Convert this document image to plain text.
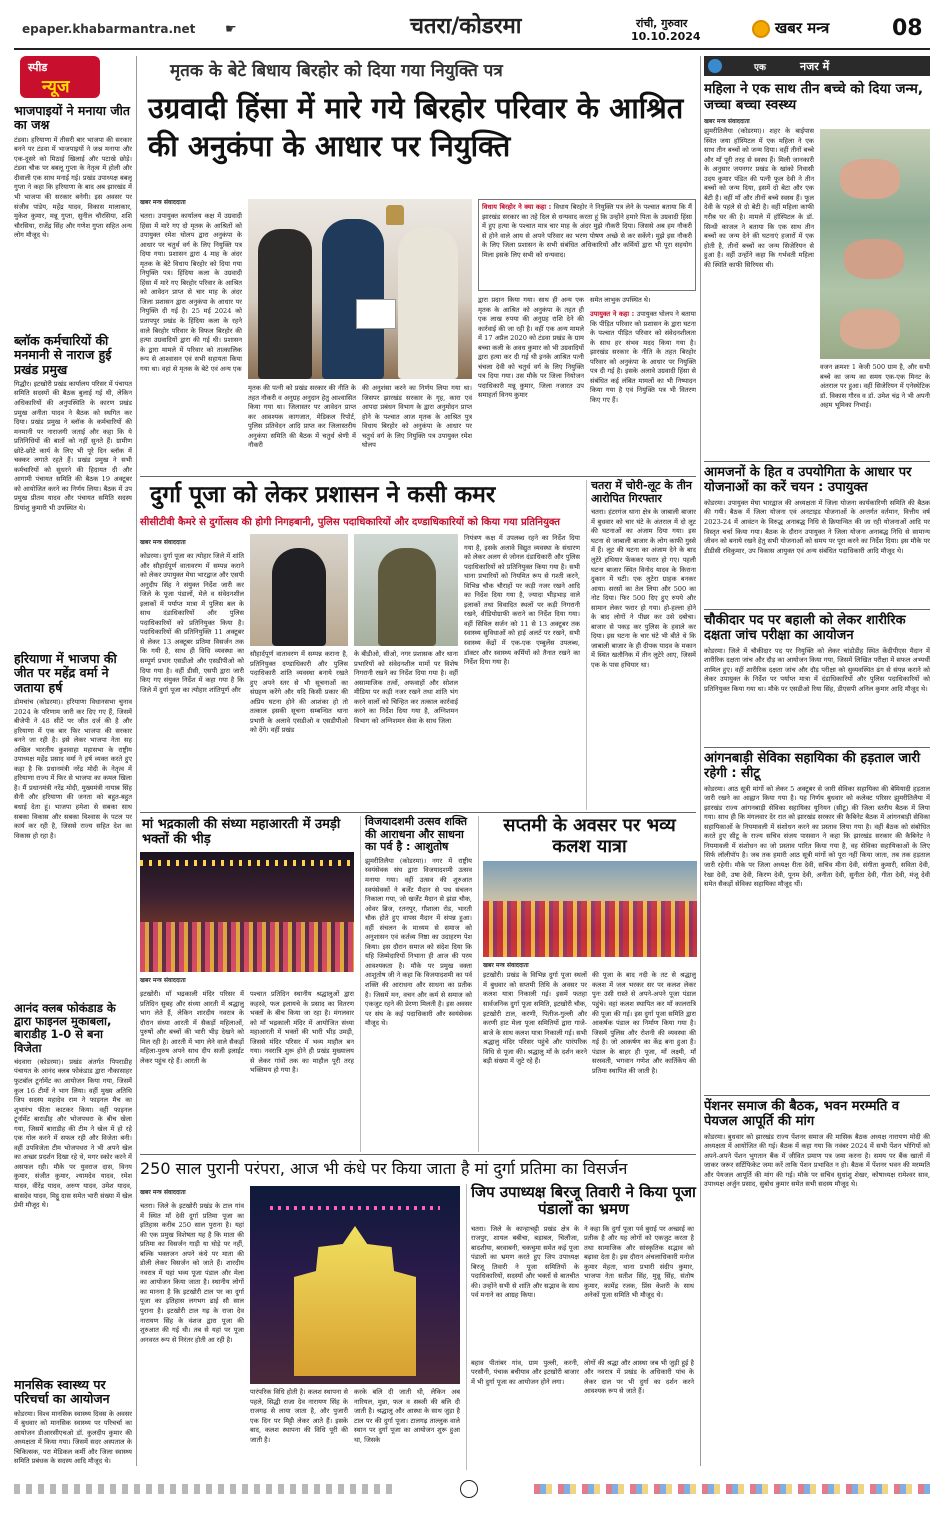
epaper.khabarmantra.net ☛	चतरा/कोडरमा	रांची, गुरुवार
10.10.2024	खबर मन्त्र	08
स्पीड
न्यूज
भाजपाइयों ने मनाया जीत का जश्न
टंडवा। हरियाणा में तीसरी बार भाजपा की सरकार बनने पर टंडवा में भाजपाइयों ने जश्न मनाया और एक-दूसरे को मिठाई खिलाई और पटाखे छोड़े। टंडवा चौक पर बबलू गुप्ता के नेतृत्व में होली और दीवाली एक साथ मनाई गई। प्रखंड उपाध्यक्ष बबलू गुप्ता ने कहा कि हरियाणा के बाद अब झारखंड में भी भाजपा की सरकार बनेगी। इस अवसर पर संजीव पांडेय, महेंद्र यादव, विकास मालाकार, मुकेश कुमार, मन्नू गुप्ता, सुनील चौरसिया, शशि चौरसिया, राजेंद्र सिंह और गणेश गुप्ता सहित अन्य लोग मौजूद थे।
ब्लॉक कर्मचारियों की मनमानी से नाराज हुई प्रखंड प्रमुख
गिद्धौर। इटखोरी प्रखंड कार्यालय परिसर में पंचायत समिति सदस्यों की बैठक बुलाई गई थी, लेकिन अधिकारियों की अनुपस्थिति के कारण प्रखंड प्रमुख अनीता यादव ने बैठक को स्थगित कर दिया। प्रखंड प्रमुख ने ब्लॉक के कर्मचारियों की मनमानी पर नाराजगी जताई और कहा कि ये प्रतिनिधियों की बातों को नहीं सुनते हैं। ग्रामीण छोटे-छोटे कार्य के लिए भी पूरे दिन ब्लॉक में चक्कर लगाते रहते हैं। प्रखंड प्रमुख ने सभी कर्मचारियों को सुधरने की हिदायत दी और आगामी पंचायत समिति की बैठक 19 अक्टूबर को आयोजित करने का निर्णय लिया। बैठक में उप प्रमुख प्रीतम यादव और पंचायत समिति सदस्य प्रियांशु कुमारी भी उपस्थित थे।
हरियाणा में भाजपा की जीत पर महेंद्र वर्मा ने जताया हर्ष
डोमचांच (कोडरमा)। हरियाणा विधानसभा चुनाव 2024 के परिणाम जारी कर दिए गए हैं, जिसमें बीजेपी ने 48 सीटें पर जीत दर्ज की है और हरियाणा में एक बार फिर भाजपा की सरकार बनने जा रही है। इसे लेकर भाजपा नेता सह अखिल भारतीय कुशवाहा महासभा के राष्ट्रीय उपाध्यक्ष महेंद्र प्रसाद वर्मा ने हर्ष व्यक्त करते हुए कहा है कि प्रधानमंत्री नरेंद्र मोदी के नेतृत्व में हरियाणा राज्य में फिर से भाजपा का कमल खिला है। मैं प्रधानमंत्री नरेंद्र मोदी, मुख्यमंत्री नायाब सिंह सैनी और हरियाणा की जनता को बहुत-बहुत बधाई देता हूं। भाजपा हमेशा से सबका साथ सबका विकास और सबका विश्वास के पटल पर कार्य कर रही है, जिससे राज्य सहित देश का विकास हो रहा है।
आनंद क्लब फोकंडाड के द्वारा फाइनल मुकाबला, बाराडीह 1-0 से बना विजेता
चंदवारा (कोडरमा)। प्रखंड अंतर्गत पिपराडीह पंचायत के आनंद क्लब फोकंडाड द्वारा नौकासाहर फुटबॉल टूर्नामेंट का आयोजन किया गया, जिसमें कुल 16 टीमों ने भाग लिया। वहीं मुख्य अतिथि जिप सदस्य महादेव राम ने फाइनल मैच का शुभारंभ फीता काटकर किया। वहीं फाइनल टूर्नामेंट बाराडीह और भोजपथरा के बीच खेला गया, जिसमें बाराडीह की टीम ने खेल में हो रहे एक गोल करने में सफल रही और विजेता बनी। वहीं उपविजेता टीम भोजपथरा ने भी अपने खेल का अच्छा प्रदर्शन दिखा रहे थे, मगर स्कोर करने में असफल रही। मौके पर युवराज दास, विनय कुमार, संजीत कुमार, श्यामदेव यादव, रमेश यादव, वीरेंद्र यादव, अरुण यादव, उमेश यादव, बासदेव यादव, मिट्ठू दास समेत भारी संख्या में खेल प्रेमी मौजूद थे।
मानसिक स्वास्थ्य पर परिचर्चा का आयोजन
कोडरमा। विश्व मानसिक स्वास्थ्य दिवस के अवसर में बुधवार को मानसिक स्वास्थ्य पर परिचर्चा का आयोजन डीआरसीएचओ डॉ. कुलदीप कुमार की अध्यक्षता में किया गया। जिसमें सदर अस्पताल के चिकित्सक, परा मेडिकल कर्मी और जिला स्वास्थ्य समिति प्रबंधक के सदस्य आदि मौजूद थे।
मृतक के बेटे बिधाय बिरहोर को दिया गया नियुक्ति पत्र
उग्रवादी हिंसा में मारे गये बिरहोर परिवार के आश्रित की अनुकंपा के आधार पर नियुक्ति
खबर मन्त्र संवाददाता
चतरा। उपायुक्त कार्यालय कक्ष में उग्रवादी हिंसा में मारे गए दो मृतक के आश्रितों को उपायुक्त रमेश घोलप द्वारा अनुकंपा के आधार पर चतुर्थ वर्ग के लिए नियुक्ति पत्र दिया गया। प्रशासन द्वारा 4 माह के अंदर मृतक के बेटे विधाय बिरहोर को दिया गया नियुक्ति पत्र। हिंदिया कला के उग्रवादी हिंसा में मारे गए बिरहोर परिवार के आश्रित को आवेदन प्राप्त से चार माह के अंदर जिला प्रशासन द्वारा अनुकंपा के आधार पर नियुक्ति दी गई है। 25 मई 2024 को प्रतापपुर प्रखंड के हिंदिया कला के रहने वाले बिरहोर परिवार के विफल बिरहोर की हत्या उग्रवादियों द्वारा की गई थी। प्रशासन के द्वारा मामले में परिवार को तात्कालिक रूप से आश्वासन एवं सभी सहायता किया गया था। वहां से मृतक के बेटे एवं अन्य एक
मृतक की पत्नी को प्रखंड सरकार की नीति के तहत नौकरी व अनुग्रह अनुदान हेतु आश्वासित किया गया था। जिलास्तर पर आवेदन प्राप्त कर आवश्यक कागजात, मेडिकल रिपोर्ट, पुलिस प्रतिवेदन आदि प्राप्त कर जिलास्तरीय अनुकंपा समिति की बैठक में चतुर्थ श्रेणी में नौकरी
की अनुशंसा करने का निर्णय लिया गया था। जिसपर झारखंड सरकार के गृह, कारा एवं आपदा प्रबंधन विभाग के द्वारा अनुमोदन प्राप्त होने के पश्चात आज मृतक के आश्रित पुत्र विधाय बिरहोर को अनुकंपा के आधार पर चतुर्थ वर्ग के लिए नियुक्ति पत्र उपायुक्त रमेश घोलप
विधाय बिरहोर ने क्या कहा : विधाय बिरहोर ने नियुक्ति पत्र लेने के पश्चात बताया कि मैं झारखंड सरकार का तहे दिल से धन्यवाद करता हूं कि उन्होंने हमारे पिता के उग्रवादी हिंसा में हुए हत्या के पश्चात मात्र चार माह के अंदर मुझे नौकरी दिया। जिससे अब हम नौकरी से होने वाले आय से अपने परिवार का भरण पोषण अच्छे से कर सकेंगे। मुझे इस नौकरी के लिए जिला प्रशासन के सभी संबंधित अधिकारियों और कर्मियों द्वारा भी पूरा सहयोग मिला इसके लिए सभी को धन्यवाद।
द्वारा प्रदान किया गया। साथ ही अन्य एक मृतक के आश्रित को अनुकंपा के तहत ही एक लाख रुपया की अनुग्रह राशि देने की कार्रवाई की जा रही है। वहीं एक अन्य मामले में 17 अप्रैल 2020 को टंडवा प्रखंड के ग्राम बच्चा कली के अवध कुमार को भी उग्रवादियों द्वारा हत्या कर दी गई थी इनके आश्रित पत्नी चंचला देवी को चतुर्थ वर्ग के लिए नियुक्ति पत्र दिया गया। उस मौके पर जिला नियोजन पदाधिकारी मन्नू कुमार, जिला नजारत उप समाहर्ता विनय कुमार
समेत लाभुक उपस्थित थे।
उपायुक्त ने कहा : उपायुक्त घोलप ने बताया कि पीड़ित परिवार को प्रशासन के द्वारा घटना के पश्चात पीड़ित परिवार को संवेदनशीलता के साथ हर संभव मदद किया गया है। झारखंड सरकार के नीति के तहत बिरहोर परिवार को अनुकंपा के आधार पर नियुक्ति पत्र दी गई है। इसके अलावे उग्रवादी हिंसा से संबंधित कई लंबित मामलों का भी निष्पादन किया गया है एवं नियुक्ति पत्र भी वितरण किए गए हैं।
दुर्गा पूजा को लेकर प्रशासन ने कसी कमर
सीसीटीवी कैमरे से दुर्गोत्सव की होगी निगहबानी, पुलिस पदाधिकारियों और दण्डाधिकारियों को किया गया प्रतिनियुक्त
खबर मन्त्र संवाददाता
कोडरमा। दुर्गा पूजा का त्योहार जिले में शांति और सौहार्दपूर्ण वातावरण में सम्पन्न कराने को लेकर उपायुक्त मेघा भारद्वाज और एसपी अनुदीप सिंह ने संयुक्त निर्देश जारी कर जिले के पूजा पंडालों, मेले व संवेदनशील इलाकों में पर्याप्त मात्रा में पुलिस बल के साथ दंडाधिकारियों और पुलिस पदाधिकारियों को प्रतिनियुक्त किया है। पदाधिकारियों की प्रतिनियुक्ति 11 अक्टूबर से लेकर 13 अक्टूबर प्रतिमा विसर्जन तक कि गयी है, साथ ही विधि व्यवस्था का सम्पूर्ण प्रभार एसडीओ और एसडीपीओ को दिया गया है। वहीं डीसी, एसपी द्वारा जारी किए गए संयुक्त निर्देश में कहा गया है कि जिले में दुर्गा पूजा का त्योहार शांतिपूर्ण और
सौहार्दपूर्ण वातावरण में सम्पन्न कराना है, प्रतिनियुक्त दण्डाधिकारी और पुलिस पदाधिकारी शांति व्यवस्था बनाये रखते हुए अपने स्तर से भी सूचनाओं का संग्रहण करेंगे और यदि किसी प्रकार की अप्रिय घटना होने की आशंका हो तो तत्काल इसकी सूचना सम्बन्धित थाना प्रभारी के अलावे एसडीओ व एसडीपीओ को देंगे। वहीं प्रखंड
के बीडीओ, सीओ, नगर प्रशासक और थाना प्रभारियों को संवेदनशील मामों पर विशेष निगरानी रखने का निर्देश दिया गया है। वहीं असामाजिक तत्वों, अफवाहों और सोशल मीडिया पर कड़ी नजर रखने तथा शांति भंग करने वालों को चिन्हित कर तत्काल कार्रवाई करने का निर्देश दिया गया है, अग्निशमन विभाग को अग्निशमन सेवा के साथ जिला
नियंत्रण कक्ष में उपलब्ध रहने का निर्देश दिया गया है, इसके अलावे विद्युत व्यवस्था के संधारण को लेकर अलग से जोनल दंडाधिकारी और पुलिस पदाधिकारियों को प्रतिनियुक्त किया गया है। सभी थाना प्रभारियों को नियमित रूप से गश्ती करने, विभिन्न चौक चौराहों पर कड़ी नजर रखने आदि का निर्देश दिया गया है, ज्यादा भीड़भाड़ वाले इलाकों तथा विवादित स्थलों पर कड़ी निगरानी रखने, वीडियोग्राफी कराने का निर्देश दिया गया। वहीं सिविल सर्जन को 11 से 13 अक्टूबर तक स्वास्थ्य सुविधाओं को हाई अलर्ट पर रखने, सभी स्वास्थ्य केंद्रों में एक-एक एम्बुलेंस उपलब्ध, डॉक्टर और स्वास्थ्य कर्मियों को तैनात रखने का निर्देश दिया गया है।
चतरा में चोरी-लूट के तीन आरोपित गिरफ्तार
चतरा। हंटरगंज थाना क्षेत्र के जाबाली बाजार में बुधवार को चार घंटे के अंतराल में दो लूट की घटनाओं का अंजाम दिया गया। इस घटना से जाबाली बाजार के लोग काफी गुस्से में हैं। लूट की घटना का अंजाम देने के बाद लुटेरे हथियार फेंककर फरार हो गए। पहली घटना बाजार स्थित विनोद यादव के किराना दुकान में घटी। एक लुटेरा ग्राहक बनकर आया। सरसों का तेल लिया और 500 का नोट दिया। फिर 500 दिए हुए रुपये और सामान लेकर फरार हो गया। हो-हल्ला होने के बाद लोगों ने पीछा कर उसे दबोचा। बाजार से पकड़ कर पुलिस के हवाले कर दिया। इस घटना के चार घंटे भी बीते थे कि जाबाली बाजार के ही दीपक यादव के मकान में स्थित खतौनिक में तीन लुटेरे आए, जिसमें एक के पास हथियार था।
मां भद्रकाली की संध्या महाआरती में उमड़ी भक्तों की भीड़
खबर मन्त्र संवाददाता
इटखोरी। माँ भद्रकाली मंदिर परिसर में प्रतिदिन सुबह और संध्या आरती में श्रद्धालु भाग लेते हैं, लेकिन शारदीय नवरात्र के दौरान संध्या आरती में सैकड़ों महिलाओं, पुरुषों और बच्चों की भारी भीड़ देखने को मिल रही है। आरती में भाग लेने वाले सैकड़ों महिला-पुरुष अपने साथ दीप सजी इलाईट लेकर पहुंच रहे हैं। आरती के
पश्चात प्रतिदिन स्थानीय श्रद्धालुओं द्वारा कहरवे, फल इलायचे के प्रसाद का वितरण भक्तों के बीच किया जा रहा है। मंगलवार को माँ भद्रकाली मंदिर में आयोजित संध्या महाआरती में भक्तों की भारी भीड़ उमड़ी, जिससे मंदिर परिसर में भव्य माहौल बन गया। नवरात्रि शुरू होने ही प्रखंड मुख्यालय से लेकर गांवों तक का माहौल पूरी तरह भक्तिमय हो गया है।
विजयादशमी उत्सव शक्ति की आराधना और साधना का पर्व है : आशुतोष
झुमरीतिलैया (कोडरमा)। नगर में राष्ट्रीय स्वयंसेवक संघ द्वारा विजयादशमी उत्सव मनाया गया। वहीं उत्सव की शुरुआत स्वयंसेवकों ने बर्जेंट मैदान से पथ संचलन निकाला गया, जो खर्जेंट मैदान से झंडा चौक, ओवर ब्रिज, रतनपुर, गौशाला रोड, भारती चौक होते हुए वापस मैदान में संपन्न हुआ। वहीं संचलन के माध्यम से समाज को अनुशासन एवं कर्तव्य निष्ठा का उदाहरण पेश किया। इस दौरान समाज को संदेश दिया कि यहि जिम्मेदारियों निभाना ही आज की परम आवश्यकता है। मौके पर प्रमुख वक्ता आशुतोष जी ने कहा कि विजयादशमी का पर्व शक्ति की आराधना और साधना का प्रतीक है। जिसमें मन, वचन और कर्म से समाज को एकजुट रहने की प्रेरणा मिलती है। इस अवसर पर संघ के कई पदाधिकारी और स्वयंसेवक मौजूद थे।
सप्तमी के अवसर पर भव्य कलश यात्रा
खबर मन्त्र संवाददाता
इटखोरी। प्रखंड के विभिन्न दुर्गा पूजा स्थलों में बुधवार को सप्तमी तिथि के अवसर पर कलश यात्रा निकाली गई। इसमें फतहा सार्वजनिक दुर्गा पूजा समिति, इटखोरी चौक, इटखोरी टाल, करणी, पितीज-गुल्ली और करणी हाट मेला पूजा समितियों द्वारा गाजे-बाजे के साथ कलश यात्रा निकाली गई। सभी श्रद्धालु मंदिर परिसर पहुंचे और पारंपरिक विधि से पूजा की। श्रद्धालु माँ के दर्शन करने बड़ी संख्या में जुटे रहे हैं।
की पूजा के बाद नदी के तट से श्रद्धालु कलश में जल भरकर सर पर कलश लेकर पुनः उसी रास्ते से अपने-अपने पूजा पंडाल पहुंचे। वहां कलश स्थापित कर माँ कालरात्रि की पूजा की गई। इस दुर्गा पूजा समिति द्वारा आकर्षक पंडाल का निर्माण किया गया है। जिसमें पुलिस और रोशनी की व्यवस्था की गई है। जो आकर्षण का केंद्र बना हुआ है। पंडाल के बाहर ही पूजा, माँ लक्ष्मी, माँ सरस्वती, भगवान गणेश और कार्तिकेय की प्रतिमा स्थापित की जाती है।
250 साल पुरानी परंपरा, आज भी कंधे पर किया जाता है मां दुर्गा प्रतिमा का विसर्जन
खबर मन्त्र संवाददाता
चतरा। जिले के इटखोरी प्रखंड के टाल गांव में स्थित माँ देवी दुर्गा प्रतिमा पूजा का इतिहास करीब 250 साल पुराना है। यहां की एक प्रमुख विशेषता यह है कि माता की प्रतिमा का विसर्जन गाड़ी या घोड़े पर नहीं, बल्कि भक्तजन अपने कंधे पर माता की डोली लेकर विसर्जन को जाते हैं। शारदीय नवरात्र में यहां भव्य पूजा पंडाल और मेला का आयोजन किया जाता है। स्थानीय लोगों का मानना है कि इटखोरी टाल पर का दुर्गा पूजा का इतिहास लगभग ढाई सौ साल पुराना है। इटखोरी टाल गढ़ के राजा देव नारायण सिंह के वंशज द्वारा पूजा की शुरुआत की गई थी। तब से यहां पर पूजा अनवरत रूप से निरंतर होती आ रही है।
पारंपरिक विधि होती है। कलश स्थापना से पहले, सिद्धी राजा देव नारायण सिंह के राजगढ़ से लाया जाता है, और पुजारी एक दिन पर मिट्टी लेकर आते हैं। इसके बाद, कलश स्थापना की विधि पूरी की जाती है।
करके बलि दी जाती थी, लेकिन अब नारियल, मुन्ना, फल व सब्जी की बलि दी जाती है। श्रद्धालु और आस्था के साथ जुड़ा है टाल पर की दुर्गा पूजा। टालगढ़ ताल्लुक वाले स्थान पर दुर्गा पूजा का आयोजन शुरू हुआ था, जिसके
जिप उपाध्यक्ष बिरजू तिवारी ने किया पूजा पंडालों का भ्रमण
चतरा। जिले के कान्हाचट्टी प्रखंड क्षेत्र के राजपुर, शायल बबीचा, बड़ाबल, चिलौंजा, बादशीया, बरवाबनी, चकचुमा समेत कई पूजा पंडालों का भ्रमण करते हुए जिप उपाध्यक्ष बिरजू तिवारी ने पूजा समितियों के पदाधिकारियों, सदस्यों और भक्तों से बातचीत की। उन्होंने सभी से शांति और सद्भाव के साथ पर्व मनाने का आग्रह किया।
ने कहा कि दुर्गा पूजा पर्व बुराई पर अच्छाई का प्रतीक है और यह लोगों को एकजुट करता है तथा सामाजिक और सांस्कृतिक सद्भाव को बढ़ावा देता है। इस दौरान अंचलाधिकारी मनोज कुमार मेहता, थाना प्रभारी संदीप कुमार, भाजपा नेता सतीश सिंह, मुन्नू सिंह, संतोष कुमार, कामेंद्र रजक, प्रिंस केशरी के साथ अनेकों पूजा समिति भी मौजूद थे।
बहाव पीतांबर गांव, ग्राम पुल्ली, करनी, परसौनी, पंचाक बचीयाव और इटखोरी बाजार में भी दुर्गा पूजा का आयोजन होने लगा।
लोगों की श्रद्धा और आस्था जब भी जुड़ी हुई है और नवरात्र में प्रखंड के अधिकारी पांच के लेकर दाल पर भी दुर्गा का दर्शन करने आवश्यक रूप से जाते हैं।
एक	नजर में
महिला ने एक साथ तीन बच्चे को दिया जन्म, जच्चा बच्चा स्वस्थ्य
खबर मन्त्र संवाददाता
झुमरीतिलैया (कोडरमा)। शहर के बाईपास स्थित जया हॉस्पिटल में एक महिला ने एक साथ तीन बच्चों को जन्म दिया। वहीं तीनों बच्चे और माँ पूरी तरह से स्वस्थ हैं। मिली जानकारी के अनुसार जयनगर प्रखंड के खांको निवासी उदय कुमार पंडित की पत्नी फूल देवी ने तीन बच्चों को जन्म दिया, इसमें दो बेटा और एक बेटी है। वहीं माँ और तीनों बच्चे स्वस्थ हैं। फूल देवी के पहले से दो बेटी है। वहीं महिला काफी गरीब घर की है। मामले में हॉस्पिटल के डॉ. सिन्धी काजल ने बताया कि एक साथ तीन बच्चों का जन्म देने की घटनाएं हजारों में एक होती है, तीनों बच्चों का जन्म सिजेरियन से हुआ है। वहीं उन्होंने कहा कि गर्भवती महिला की स्थिति काफी सिरियस थी।
वजन क्रमशः 1 केजी 500 ग्राम है, और सभी बच्चे का जन्म का समय एक-एक मिनट के अंतराल पर हुआ। वहीं सिजेरियन में एनेस्थेटिक डॉ. विकास गौरव व डॉ. उमेश चंद्र ने भी अपनी अहम भूमिका निभाई।
आमजनों के हित व उपयोगिता के आधार पर योजनाओं का करें चयन : उपायुक्त
कोडरमा। उपायुक्त मेघा भारद्वाज की अध्यक्षता में जिला योजना कार्यकारिणी समिति की बैठक की गयी। बैठक में जिला योजना एवं अनटाइड योजनाओं के अन्तर्गत वर्तमान, वित्तीय वर्ष 2023-24 में आवंटन के विरुद्ध अनाबद्ध निधि से क्रियान्वित की जा रही योजनाओं आदि पर विस्तृत चर्चा किया गया। बैठक के दौरान उपायुक्त ने जिला योजना अनाबद्ध निधि से सामान्य जीवन को बनाये रखने हेतु सभी योजनाओं को समय पर पूरा करने का निर्देश दिया। इस मौके पर डीडीसी रविकुमार, उप विकास आयुक्त एवं अन्य संबंधित पदाधिकारी आदि मौजूद थे।
चौकीदार पद पर बहाली को लेकर शारीरिक दक्षता जांच परीक्षा का आयोजन
कोडरमा। जिले में चौकीदार पद पर नियुक्ति को लेकर चांडोडीह स्थित केंदीपीएस मैदान में शारीरिक दक्षता जांच और दौड़ का आयोजन किया गया, जिसमें लिखित परीक्षा में सफल अभ्यर्थी शामिल हुए। वहीं शारीरिक दक्षता जांच और दौड़ परीक्षा को सुव्यवस्थित ढंग से संपन्न कराने को लेकर उपायुक्त के निर्देश पर पर्याप्त मात्रा में दंडाधिकारियों और पुलिस पदाधिकारियों को प्रतिनियुक्त किया गया था। मौके पर एसडीओ रिया सिंह, डीएसपी अनिल कुमार आदि मौजूद थे।
आंगनबाड़ी सेविका सहायिका की हड़ताल जारी रहेगी : सीटू
कोडरमा। आठ सूत्री मांगों को लेकर 5 अक्टूबर से जारी सेविका सहायिका की बेमियादी हड़ताल जारी रखने का आह्वान किया गया है। यह निर्णय बुधवार को कलेक्ट परिसर झुमरीतिलैया में झारखंड राज्य आंगनबाड़ी सेविका सहायिका यूनियन (सीटू) की जिला स्तरीय बैठक में लिया गया। साथ ही कि मंगलवार देर रात को झारखंड सरकार की कैबिनेट बैठक में आंगनबाड़ी सेविका सहायिकाओं के नियमावली में संशोधन करने का प्रस्ताव लिया गया है। वहीं बैठक को संबोधित करते हुए सीटू के राज्य सचिव संजय पासवान ने कहा कि झारखंड सरकार की कैबिनेट ने नियमावली में संशोधन का जो प्रस्ताव पारित किया गया है, वह सेविका सहायिकाओं के लिए सिर्फ लॉलीपॉप है। जब तक हमारी आठ सूत्री मांगों को पूरा नहीं किया जाता, तब तक हड़ताल जारी रहेगी। मौके पर जिला अध्यक्ष रीता देवी, सचिव मीना देवी, संगीता कुमारी, सविता देवी, रेखा देवी, उषा देवी, किरण देवी, पूनम देवी, अनीता देवी, सुनीता देवी, गीता देवी, मंजू देवी समेत सैकड़ों सेविका सहायिका मौजूद थीं।
पेंशनर समाज की बैठक, भवन मरम्मति व पेयजल आपूर्ति की मांग
कोडरमा। बुधवार को झारखंड राज्य पेंशनर समाज की मासिक बैठक अध्यक्ष नारायण मोदी की अध्यक्षता में आयोजित की गई। बैठक में कहा गया कि नवंबर 2024 में सभी पेंशन भोगियों को अपने-अपने पेंशन भुगतान बैंक में जीवित प्रमाण पत्र जमा करना है। समय पर बैंक खातों में जाकर जरूर सर्टिफिकेट जमा करें ताकि पेंशन प्रभावित न हो। बैठक में पेंशनर भवन की मरम्मति और पेयजल आपूर्ति की मांग की गई। मौके पर सचिव सुधांशु शेखर, कोषाध्यक्ष रामेश्वर साव, उपाध्यक्ष अर्जुन प्रसाद, सुबोध कुमार समेत सभी सदस्य मौजूद थे।
